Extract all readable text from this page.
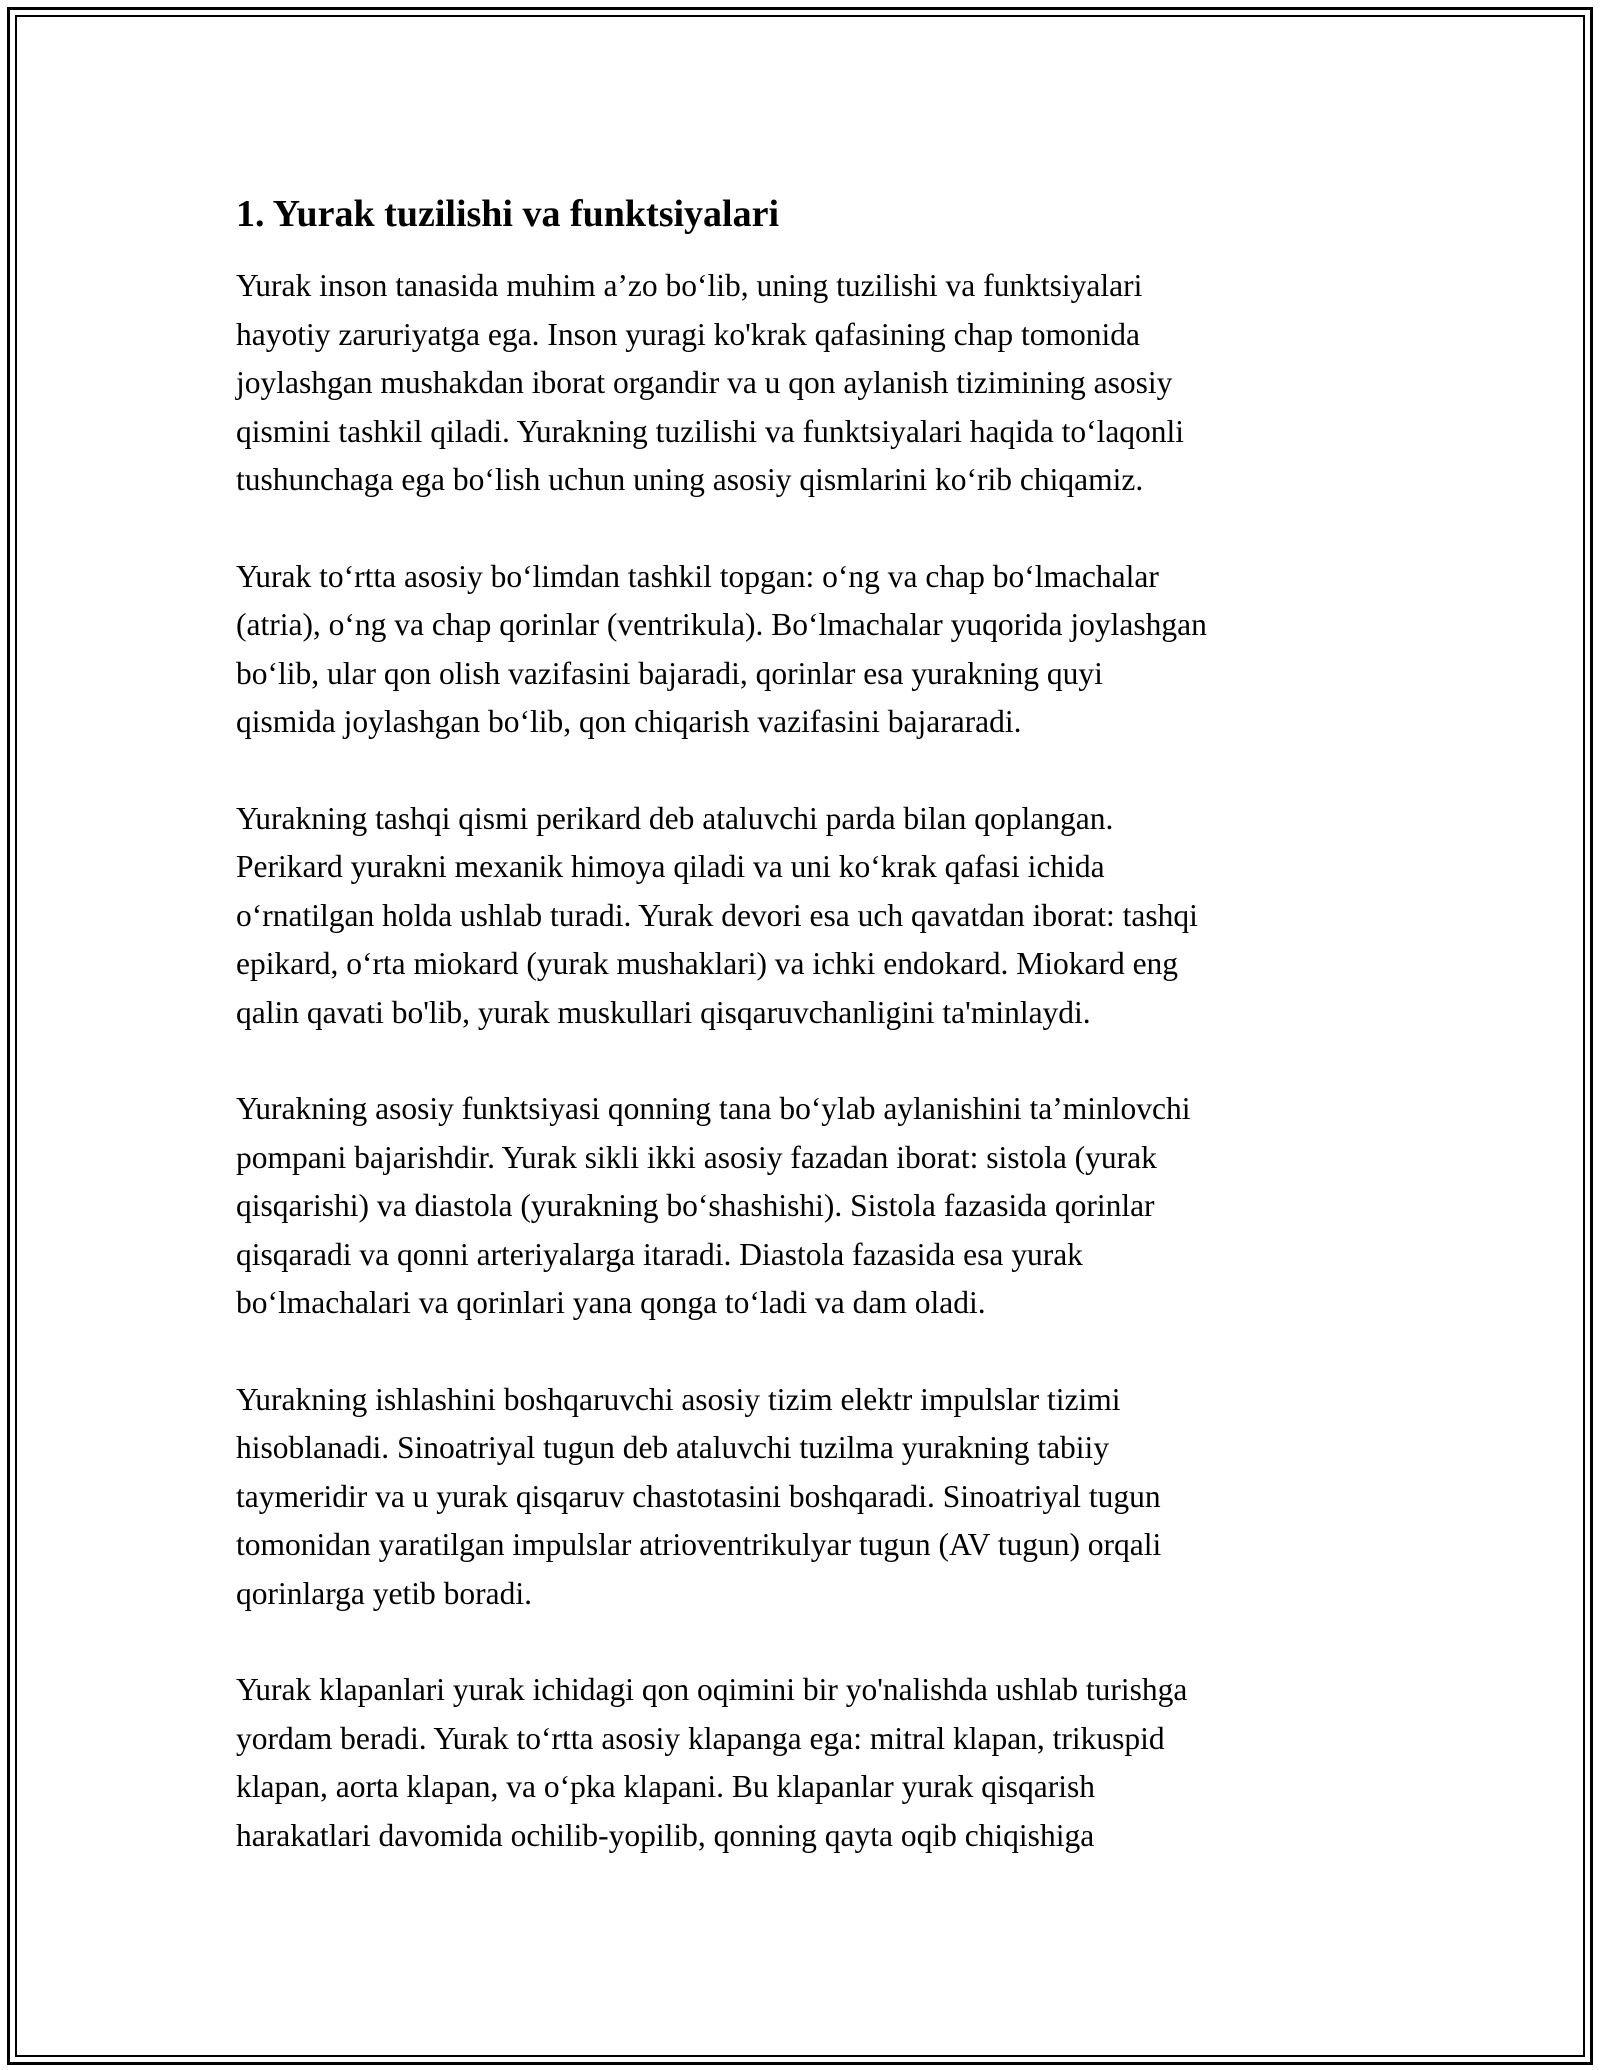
1. Yurak tuzilishi va funktsiyalari

Yurak inson tanasida muhim a’zo bo‘lib, uning tuzilishi va funktsiyalari
hayotiy zaruriyatga ega. Inson yuragi ko'krak qafasining chap tomonida
joylashgan mushakdan iborat organdir va u qon aylanish tizimining asosiy
qismini tashkil qiladi. Yurakning tuzilishi va funktsiyalari haqida to‘laqonli
tushunchaga ega bo‘lish uchun uning asosiy qismlarini ko‘rib chiqamiz.

Yurak to‘rtta asosiy bo‘limdan tashkil topgan: o‘ng va chap bo‘lmachalar
(atria), o‘ng va chap qorinlar (ventrikula). Bo‘lmachalar yuqorida joylashgan
bo‘lib, ular qon olish vazifasini bajaradi, qorinlar esa yurakning quyi
qismida joylashgan bo‘lib, qon chiqarish vazifasini bajararadi.

Yurakning tashqi qismi perikard deb ataluvchi parda bilan qoplangan.
Perikard yurakni mexanik himoya qiladi va uni ko‘krak qafasi ichida
o‘rnatilgan holda ushlab turadi. Yurak devori esa uch qavatdan iborat: tashqi
epikard, o‘rta miokard (yurak mushaklari) va ichki endokard. Miokard eng
qalin qavati bo'lib, yurak muskullari qisqaruvchanligini ta'minlaydi.

Yurakning asosiy funktsiyasi qonning tana bo‘ylab aylanishini ta’minlovchi
pompani bajarishdir. Yurak sikli ikki asosiy fazadan iborat: sistola (yurak
qisqarishi) va diastola (yurakning bo‘shashishi). Sistola fazasida qorinlar
qisqaradi va qonni arteriyalarga itaradi. Diastola fazasida esa yurak
bo‘lmachalari va qorinlari yana qonga to‘ladi va dam oladi.

Yurakning ishlashini boshqaruvchi asosiy tizim elektr impulslar tizimi
hisoblanadi. Sinoatriyal tugun deb ataluvchi tuzilma yurakning tabiiy
taymeridir va u yurak qisqaruv chastotasini boshqaradi. Sinoatriyal tugun
tomonidan yaratilgan impulslar atrioventrikulyar tugun (AV tugun) orqali
qorinlarga yetib boradi.

Yurak klapanlari yurak ichidagi qon oqimini bir yo'nalishda ushlab turishga
yordam beradi. Yurak to‘rtta asosiy klapanga ega: mitral klapan, trikuspid
klapan, aorta klapan, va o‘pka klapani. Bu klapanlar yurak qisqarish
harakatlari davomida ochilib-yopilib, qonning qayta oqib chiqishiga
